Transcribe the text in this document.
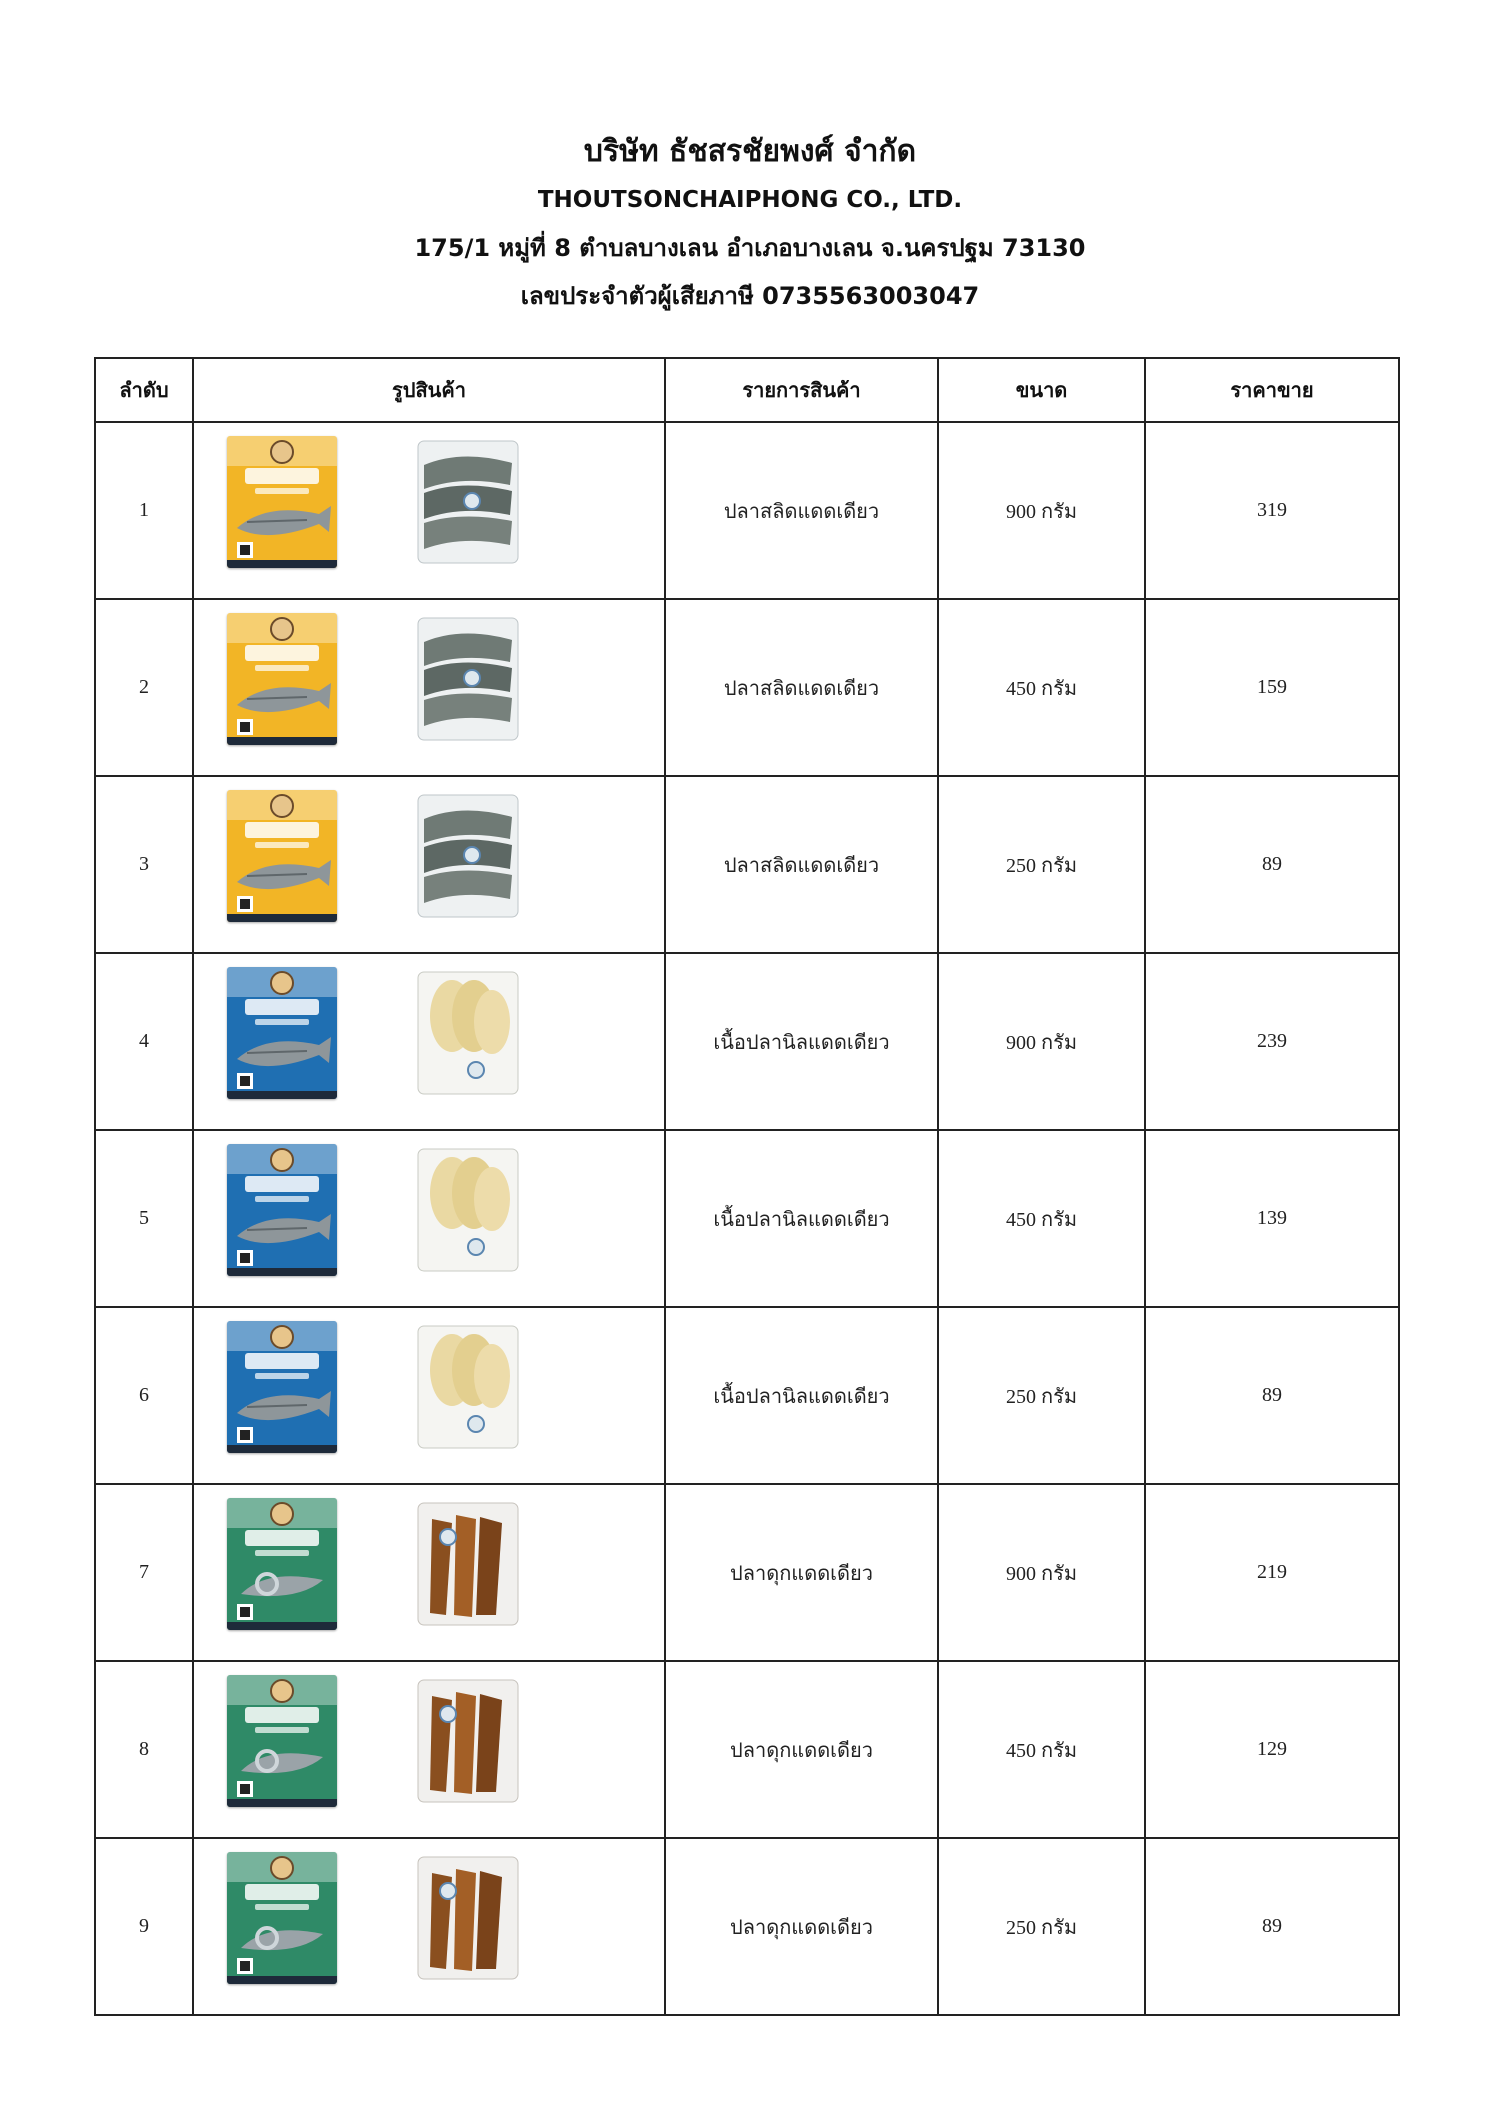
บริษัท ธัชสรชัยพงศ์ จำกัด
THOUTSONCHAIPHONG CO., LTD.
175/1 หมู่ที่ 8 ตำบลบางเลน อำเภอบางเลน จ.นครปฐม 73130
เลขประจำตัวผู้เสียภาษี 0735563003047
ลำดับ	รูปสินค้า	รายการสินค้า	ขนาด	ราคาขาย
1		ปลาสลิดแดดเดียว	900 กรัม	319
2		ปลาสลิดแดดเดียว	450 กรัม	159
3		ปลาสลิดแดดเดียว	250 กรัม	89
4		เนื้อปลานิลแดดเดียว	900 กรัม	239
5		เนื้อปลานิลแดดเดียว	450 กรัม	139
6		เนื้อปลานิลแดดเดียว	250 กรัม	89
7		ปลาดุกแดดเดียว	900 กรัม	219
8		ปลาดุกแดดเดียว	450 กรัม	129
9		ปลาดุกแดดเดียว	250 กรัม	89
